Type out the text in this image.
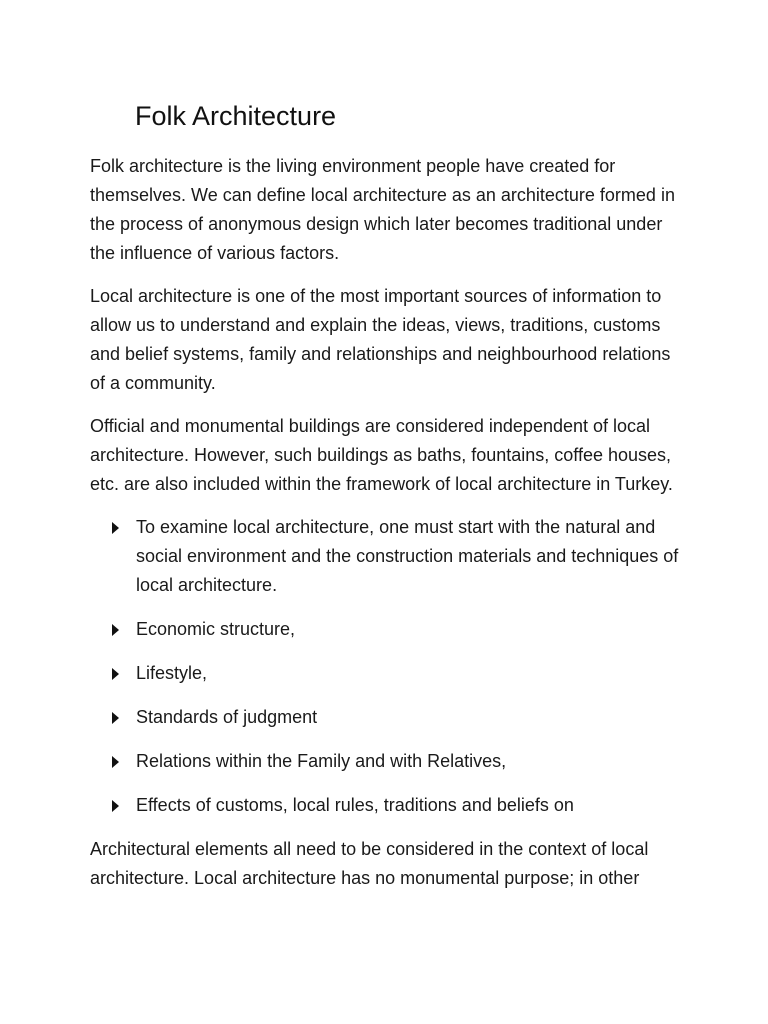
Folk Architecture

Folk architecture is the living environment people have created for themselves. We can define local architecture as an architecture formed in the process of anonymous design which later becomes traditional under the influence of various factors.

Local architecture is one of the most important sources of information to allow us to understand and explain the ideas, views, traditions, customs and belief systems, family and relationships and neighbourhood relations of a community.

Official and monumental buildings are considered independent of local architecture. However, such buildings as baths, fountains, coffee houses, etc. are also included within the framework of local architecture in Turkey.

To examine local architecture, one must start with the natural and social environment and the construction materials and techniques of local architecture.
Economic structure,
Lifestyle,
Standards of judgment
Relations within the Family and with Relatives,
Effects of customs, local rules, traditions and beliefs on

Architectural elements all need to be considered in the context of local architecture. Local architecture has no monumental purpose; in other
